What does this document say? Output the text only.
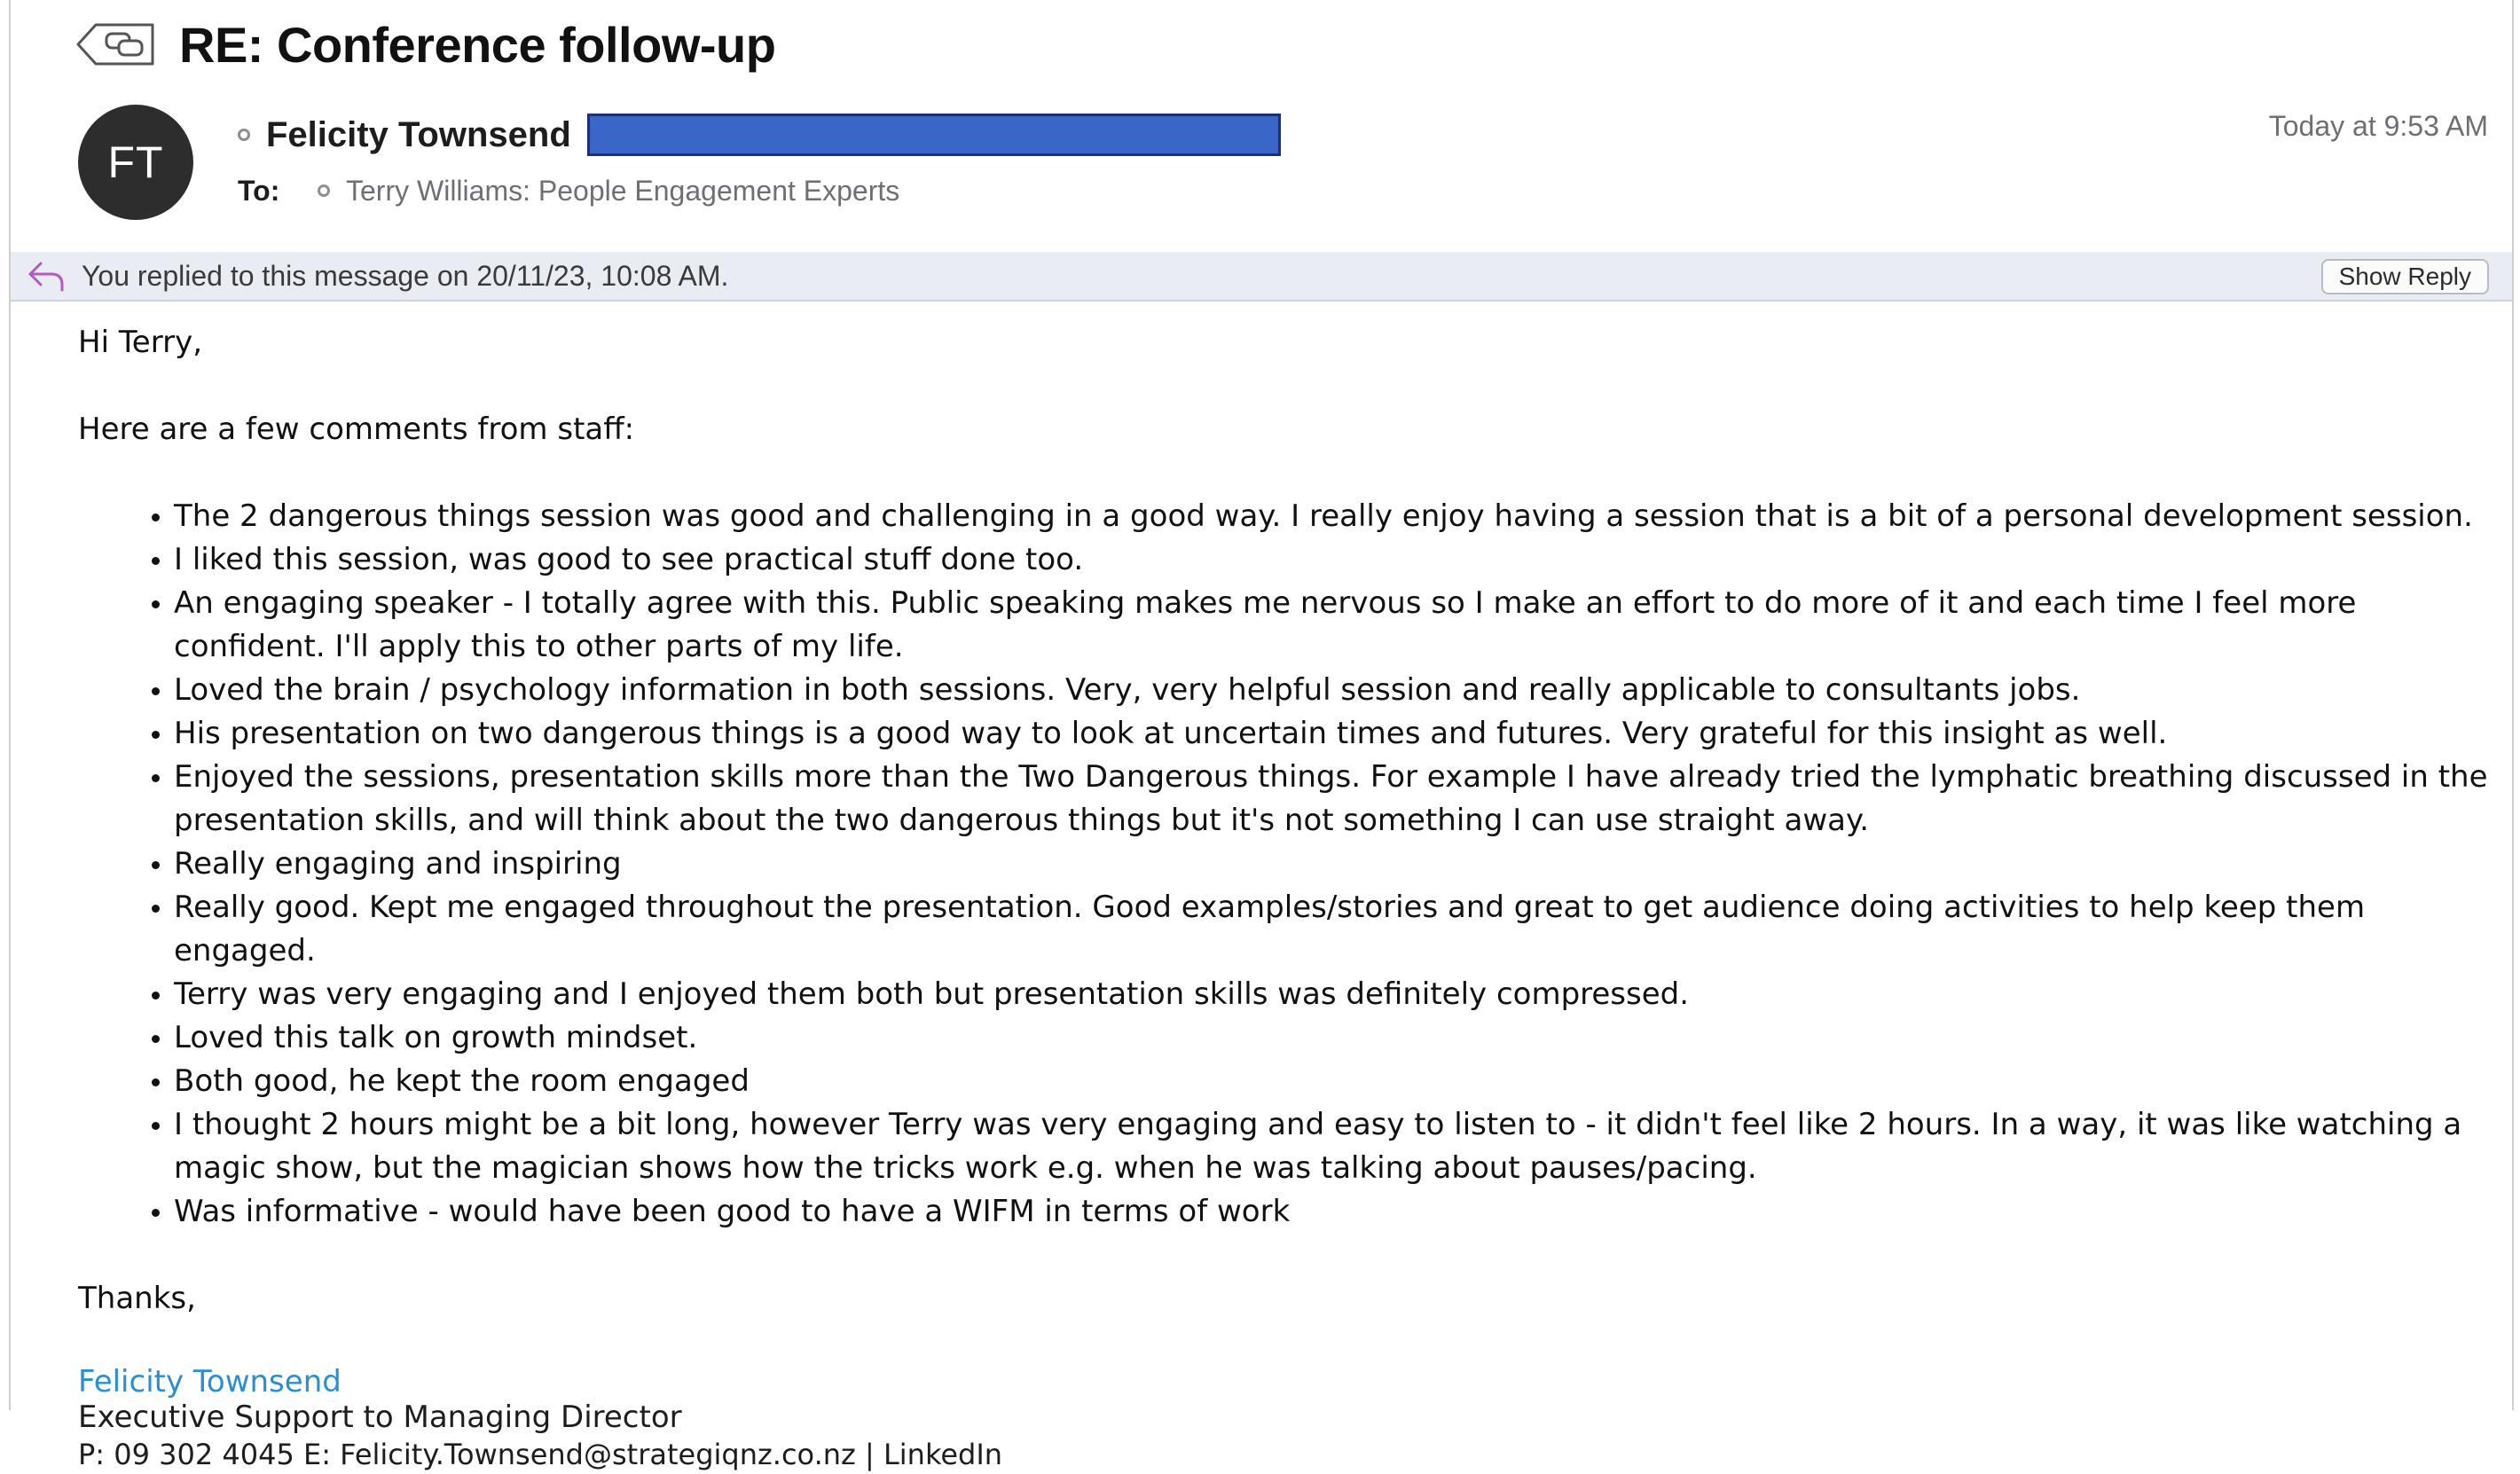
RE: Conference follow-up
FT
Felicity Townsend	Today at 9:53 AM
To:	Terry Williams: People Engagement Experts
You replied to this message on 20/11/23, 10:08 AM.	Show Reply

Hi Terry,

Here are a few comments from staff:

• The 2 dangerous things session was good and challenging in a good way. I really enjoy having a session that is a bit of a personal development session.
• I liked this session, was good to see practical stuff done too.
• An engaging speaker - I totally agree with this. Public speaking makes me nervous so I make an effort to do more of it and each time I feel more confident. I'll apply this to other parts of my life.
• Loved the brain / psychology information in both sessions. Very, very helpful session and really applicable to consultants jobs.
• His presentation on two dangerous things is a good way to look at uncertain times and futures. Very grateful for this insight as well.
• Enjoyed the sessions, presentation skills more than the Two Dangerous things. For example I have already tried the lymphatic breathing discussed in the presentation skills, and will think about the two dangerous things but it's not something I can use straight away.
• Really engaging and inspiring
• Really good. Kept me engaged throughout the presentation. Good examples/stories and great to get audience doing activities to help keep them engaged.
• Terry was very engaging and I enjoyed them both but presentation skills was definitely compressed.
• Loved this talk on growth mindset.
• Both good, he kept the room engaged
• I thought 2 hours might be a bit long, however Terry was very engaging and easy to listen to - it didn't feel like 2 hours. In a way, it was like watching a magic show, but the magician shows how the tricks work e.g. when he was talking about pauses/pacing.
• Was informative - would have been good to have a WIFM in terms of work

Thanks,

Felicity Townsend
Executive Support to Managing Director
P: 09 302 4045 E: Felicity.Townsend@strategiqnz.co.nz | LinkedIn
